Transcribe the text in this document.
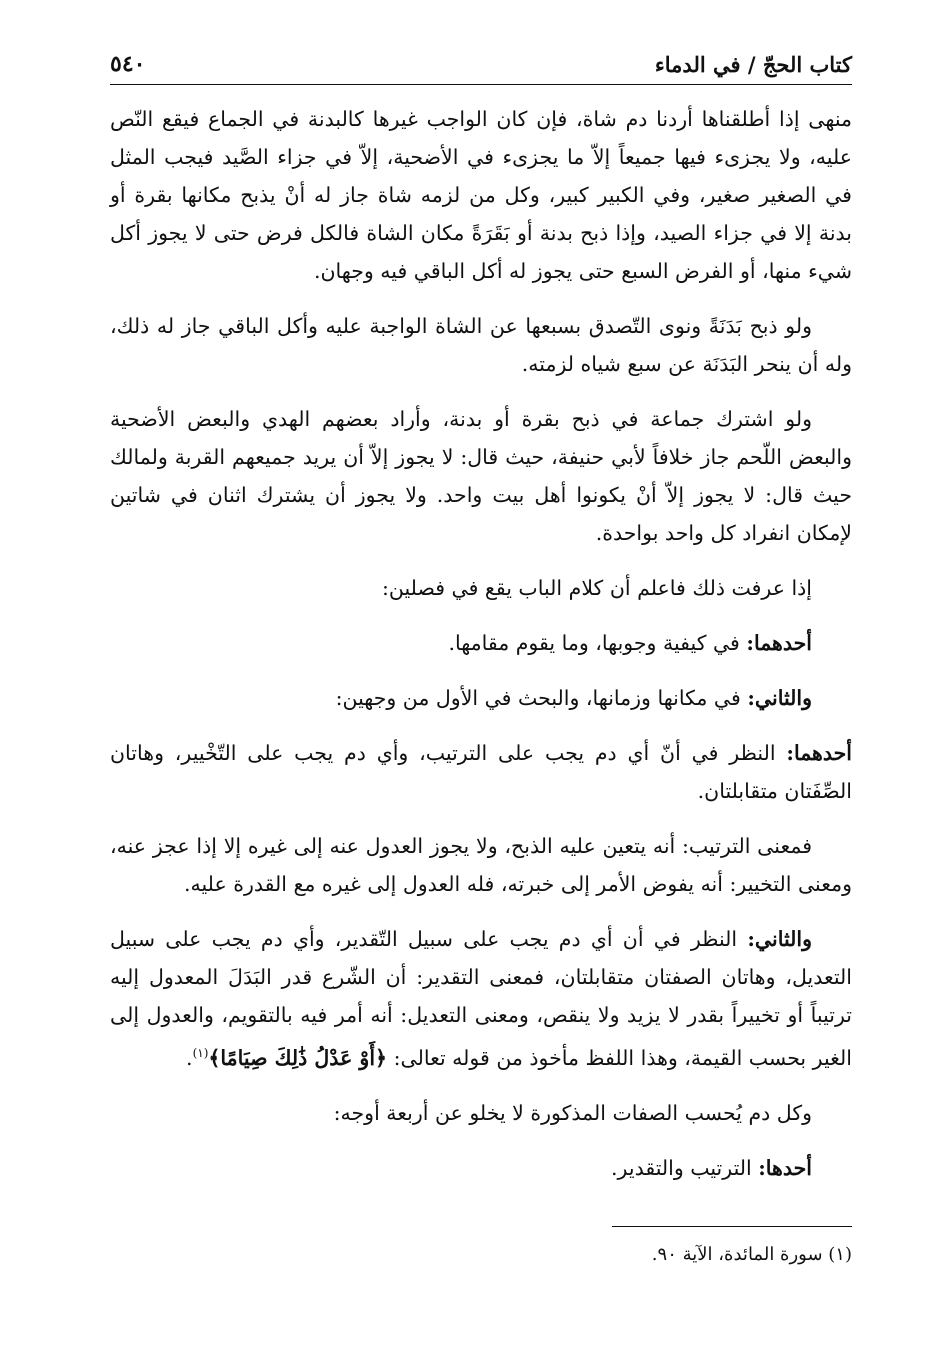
٥٤٠	كتاب الحجّ / في الدماء

منهى إذا أطلقناها أردنا دم شاة، فإن كان الواجب غيرها كالبدنة في الجماع فيقع النّص عليه، ولا يجزىء فيها جميعاً إلاّ ما يجزىء في الأضحية، إلاّ في جزاء الصَّيد فيجب المثل في الصغير صغير، وفي الكبير كبير، وكل من لزمه شاة جاز له أنْ يذبح مكانها بقرة أو بدنة إلا في جزاء الصيد، وإذا ذبح بدنة أو بَقَرَةً مكان الشاة فالكل فرض حتى لا يجوز أكل شيء منها، أو الفرض السبع حتى يجوز له أكل الباقي فيه وجهان.

ولو ذبح بَدَنَةً ونوى التّصدق بسبعها عن الشاة الواجبة عليه وأكل الباقي جاز له ذلك، وله أن ينحر البَدَنَة عن سبع شياه لزمته.

ولو اشترك جماعة في ذبح بقرة أو بدنة، وأراد بعضهم الهدي والبعض الأضحية والبعض اللّحم جاز خلافاً لأبي حنيفة، حيث قال: لا يجوز إلاّ أن يريد جميعهم القربة ولمالك حيث قال: لا يجوز إلاّ أنْ يكونوا أهل بيت واحد. ولا يجوز أن يشترك اثنان في شاتين لإمكان انفراد كل واحد بواحدة.

إذا عرفت ذلك فاعلم أن كلام الباب يقع في فصلين:

أحدهما: في كيفية وجوبها، وما يقوم مقامها.

والثاني: في مكانها وزمانها، والبحث في الأول من وجهين:

أحدهما: النظر في أنّ أي دم يجب على الترتيب، وأي دم يجب على التّخْيير، وهاتان الصِّفَتان متقابلتان.

فمعنى الترتيب: أنه يتعين عليه الذبح، ولا يجوز العدول عنه إلى غيره إلا إذا عجز عنه، ومعنى التخيير: أنه يفوض الأمر إلى خبرته، فله العدول إلى غيره مع القدرة عليه.

والثاني: النظر في أن أي دم يجب على سبيل التّقدير، وأي دم يجب على سبيل التعديل، وهاتان الصفتان متقابلتان، فمعنى التقدير: أن الشّرع قدر البَدَلَ المعدول إليه ترتيباً أو تخييراً بقدر لا يزيد ولا ينقص، ومعنى التعديل: أنه أمر فيه بالتقويم، والعدول إلى الغير بحسب القيمة، وهذا اللفظ مأخوذ من قوله تعالى: ﴿أَوْ عَدْلُ ذَٰلِكَ صِيَامًا﴾$^{(١)}$.

وكل دم يُحسب الصفات المذكورة لا يخلو عن أربعة أوجه:

أحدها: الترتيب والتقدير.

(١) سورة المائدة، الآية ٩٠.
